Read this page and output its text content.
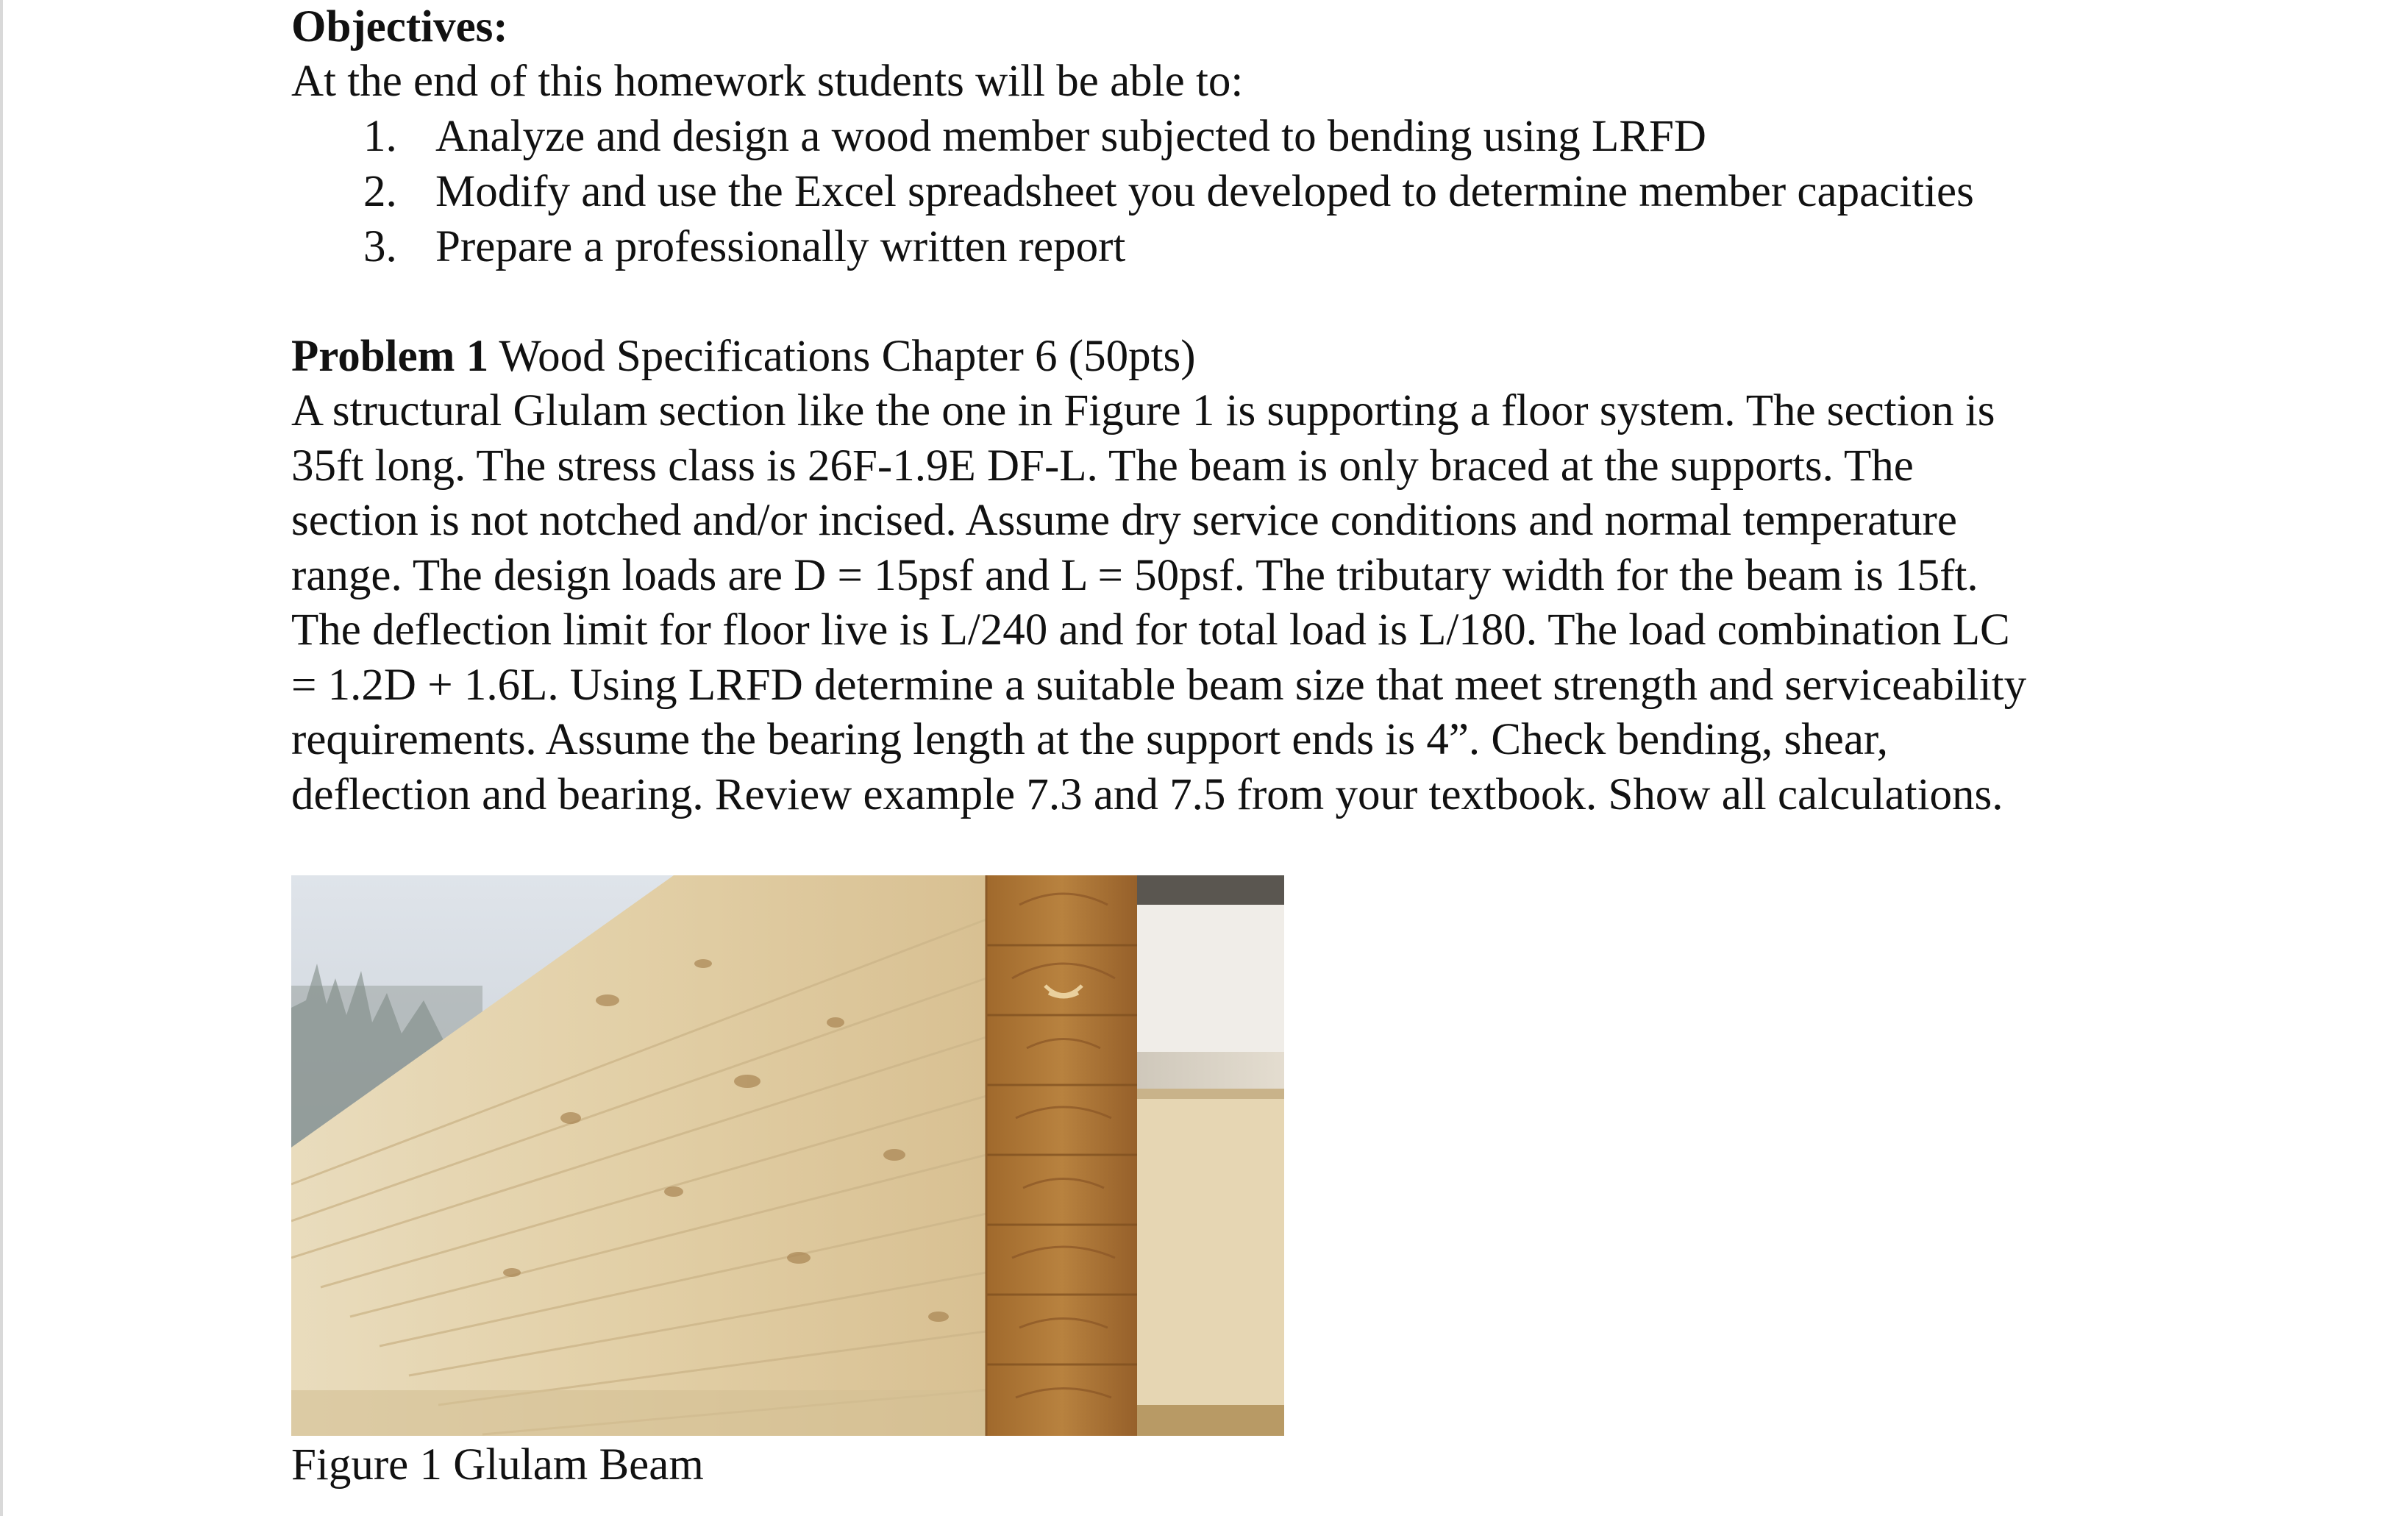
Objectives:

At the end of this homework students will be able to:

1. Analyze and design a wood member subjected to bending using LRFD
2. Modify and use the Excel spreadsheet you developed to determine member capacities
3. Prepare a professionally written report

Problem 1 Wood Specifications Chapter 6 (50pts)

A structural Glulam section like the one in Figure 1 is supporting a floor system. The section is

35ft long. The stress class is 26F-1.9E DF-L. The beam is only braced at the supports. The

section is not notched and/or incised. Assume dry service conditions and normal temperature

range. The design loads are D = 15psf and L = 50psf. The tributary width for the beam is 15ft.

The deflection limit for floor live is L/240 and for total load is L/180. The load combination LC

= 1.2D + 1.6L. Using LRFD determine a suitable beam size that meet strength and serviceability

requirements. Assume the bearing length at the support ends is 4”. Check bending, shear,

deflection and bearing. Review example 7.3 and 7.5 from your textbook. Show all calculations.

Figure 1 Glulam Beam
